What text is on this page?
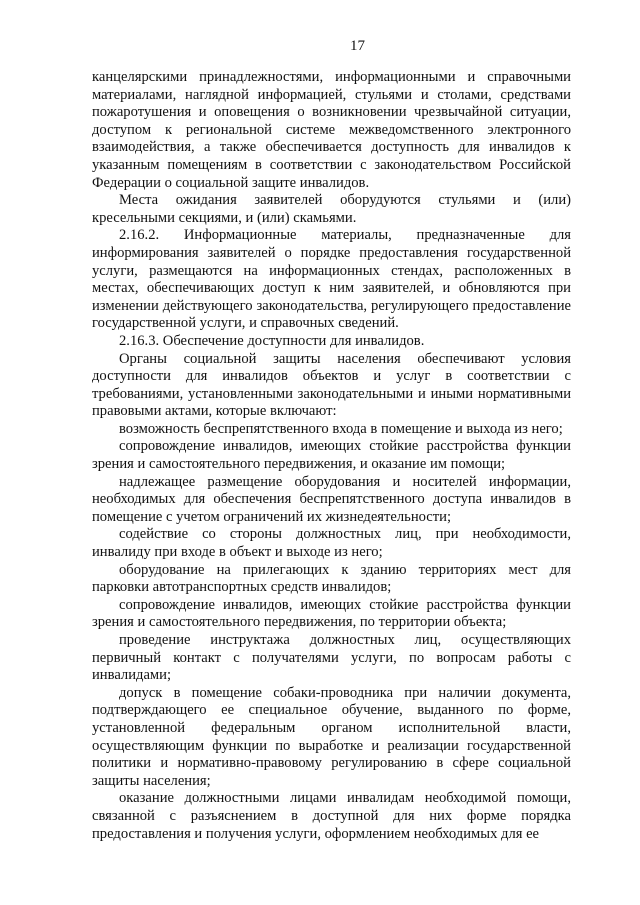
17

канцелярскими принадлежностями, информационными и справочными материалами, наглядной информацией, стульями и столами, средствами пожаротушения и оповещения о возникновении чрезвычайной ситуации, доступом к региональной системе межведомственного электронного взаимодействия, а также обеспечивается доступность для инвалидов к указанным помещениям в соответствии с законодательством Российской Федерации о социальной защите инвалидов.

Места ожидания заявителей оборудуются стульями и (или) кресельными секциями, и (или) скамьями.

2.16.2. Информационные материалы, предназначенные для информирования заявителей о порядке предоставления государственной услуги, размещаются на информационных стендах, расположенных в местах, обеспечивающих доступ к ним заявителей, и обновляются при изменении действующего законодательства, регулирующего предоставление государственной услуги, и справочных сведений.

2.16.3. Обеспечение доступности для инвалидов.

Органы социальной защиты населения обеспечивают условия доступности для инвалидов объектов и услуг в соответствии с требованиями, установленными законодательными и иными нормативными правовыми актами, которые включают:

возможность беспрепятственного входа в помещение и выхода из него;

сопровождение инвалидов, имеющих стойкие расстройства функции зрения и самостоятельного передвижения, и оказание им помощи;

надлежащее размещение оборудования и носителей информации, необходимых для обеспечения беспрепятственного доступа инвалидов в помещение с учетом ограничений их жизнедеятельности;

содействие со стороны должностных лиц, при необходимости, инвалиду при входе в объект и выходе из него;

оборудование на прилегающих к зданию территориях мест для парковки автотранспортных средств инвалидов;

сопровождение инвалидов, имеющих стойкие расстройства функции зрения и самостоятельного передвижения, по территории объекта;

проведение инструктажа должностных лиц, осуществляющих первичный контакт с получателями услуги, по вопросам работы с инвалидами;

допуск в помещение собаки-проводника при наличии документа, подтверждающего ее специальное обучение, выданного по форме, установленной федеральным органом исполнительной власти, осуществляющим функции по выработке и реализации государственной политики и нормативно-правовому регулированию в сфере социальной защиты населения;

оказание должностными лицами инвалидам необходимой помощи, связанной с разъяснением в доступной для них форме порядка предоставления и получения услуги, оформлением необходимых для ее
